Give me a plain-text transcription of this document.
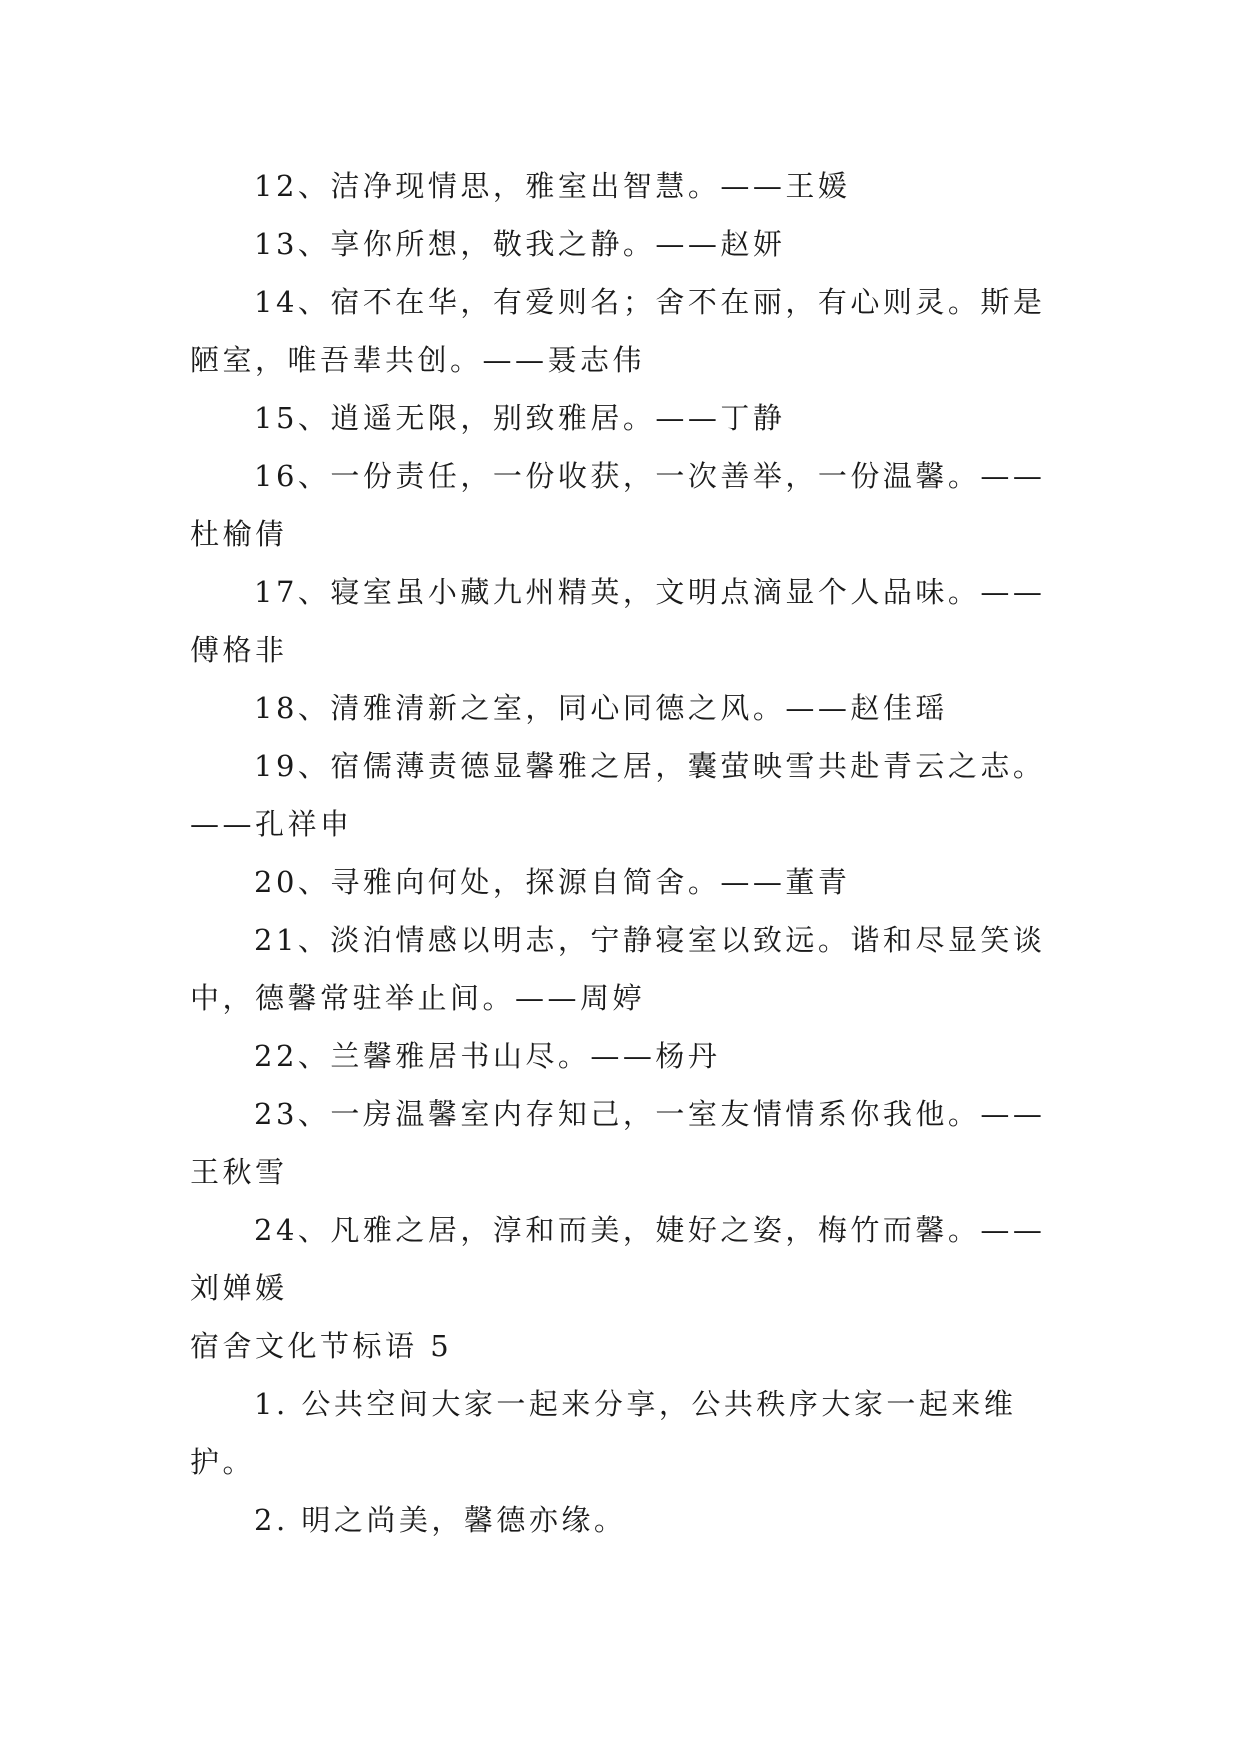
12、洁净现情思，雅室出智慧。——王媛

13、享你所想，敬我之静。——赵妍

14、宿不在华，有爱则名；舍不在丽，有心则灵。斯是陋室，唯吾辈共创。——聂志伟

15、逍遥无限，别致雅居。——丁静

16、一份责任，一份收获，一次善举，一份温馨。——杜榆倩

17、寝室虽小藏九州精英，文明点滴显个人品味。——傅格非

18、清雅清新之室，同心同德之风。——赵佳瑶

19、宿儒薄责德显馨雅之居，囊萤映雪共赴青云之志。——孔祥申

20、寻雅向何处，探源自简舍。——董青

21、淡泊情感以明志，宁静寝室以致远。谐和尽显笑谈中，德馨常驻举止间。——周婷

22、兰馨雅居书山尽。——杨丹

23、一房温馨室内存知己，一室友情情系你我他。——王秋雪

24、凡雅之居，淳和而美，婕好之姿，梅竹而馨。——刘婵媛

宿舍文化节标语 5

1. 公共空间大家一起来分享，公共秩序大家一起来维护。

2. 明之尚美，馨德亦缘。
